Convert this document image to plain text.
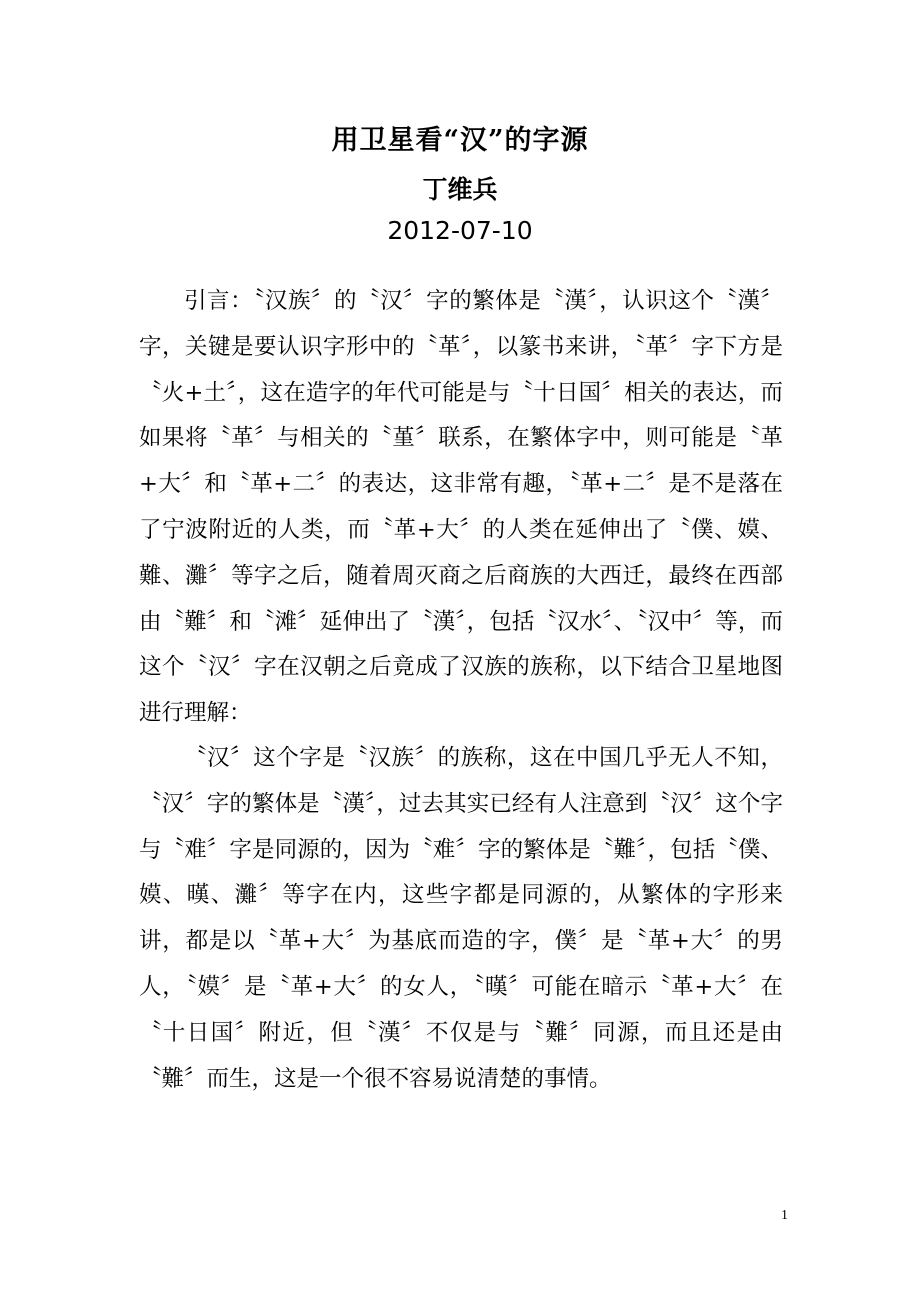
用卫星看“汉”的字源
丁维兵
2012-07-10

引言：〝汉族〞的〝汉〞字的繁体是〝漢〞，认识这个〝漢〞字，关键是要认识字形中的〝革〞，以篆书来讲，〝革〞字下方是〝火+土〞，这在造字的年代可能是与〝十日国〞相关的表达，而如果将〝革〞与相关的〝堇〞联系，在繁体字中，则可能是〝革+大〞和〝革+二〞的表达，这非常有趣，〝革+二〞是不是落在了宁波附近的人类，而〝革+大〞的人类在延伸出了〝僕、嫫、難、灘〞等字之后，随着周灭商之后商族的大西迁，最终在西部由〝難〞和〝滩〞延伸出了〝漢〞，包括〝汉水〞、〝汉中〞等，而这个〝汉〞字在汉朝之后竟成了汉族的族称，以下结合卫星地图进行理解：

〝汉〞这个字是〝汉族〞的族称，这在中国几乎无人不知，〝汉〞字的繁体是〝漢〞，过去其实已经有人注意到〝汉〞这个字与〝难〞字是同源的，因为〝难〞字的繁体是〝難〞，包括〝僕、嫫、暵、灘〞等字在内，这些字都是同源的，从繁体的字形来讲，都是以〝革+大〞为基底而造的字，僕〞是〝革+大〞的男人，〝嫫〞是〝革+大〞的女人，〝暵〞可能在暗示〝革+大〞在〝十日国〞附近，但〝漢〞不仅是与〝難〞同源，而且还是由〝難〞而生，这是一个很不容易说清楚的事情。

1
